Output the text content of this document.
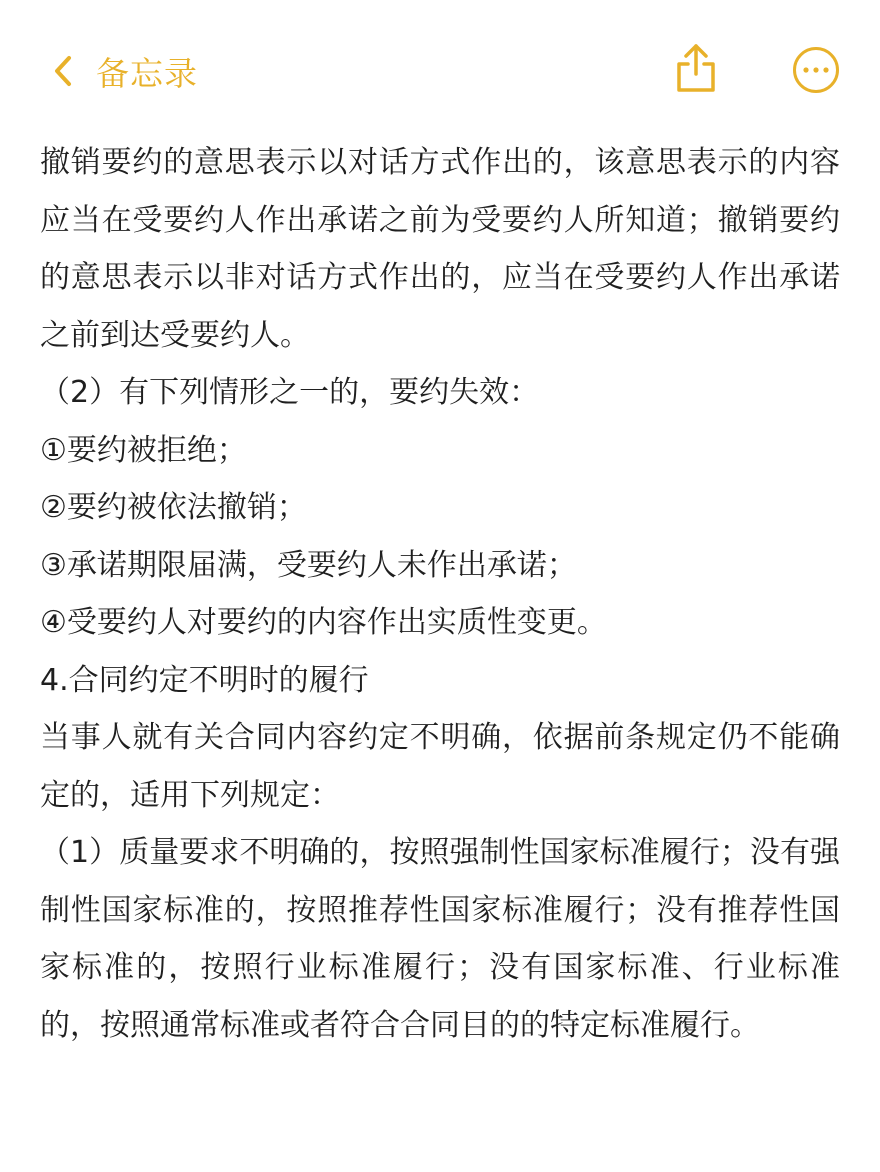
备忘录
撤销要约的意思表示以对话方式作出的，该意思表示的内容应当在受要约人作出承诺之前为受要约人所知道；撤销要约的意思表示以非对话方式作出的，应当在受要约人作出承诺之前到达受要约人。
（2）有下列情形之一的，要约失效：
①要约被拒绝；
②要约被依法撤销；
③承诺期限届满，受要约人未作出承诺；
④受要约人对要约的内容作出实质性变更。
4.合同约定不明时的履行
当事人就有关合同内容约定不明确，依据前条规定仍不能确定的，适用下列规定：
（1）质量要求不明确的，按照强制性国家标准履行；没有强制性国家标准的，按照推荐性国家标准履行；没有推荐性国家标准的，按照行业标准履行；没有国家标准、行业标准的，按照通常标准或者符合合同目的的特定标准履行。
